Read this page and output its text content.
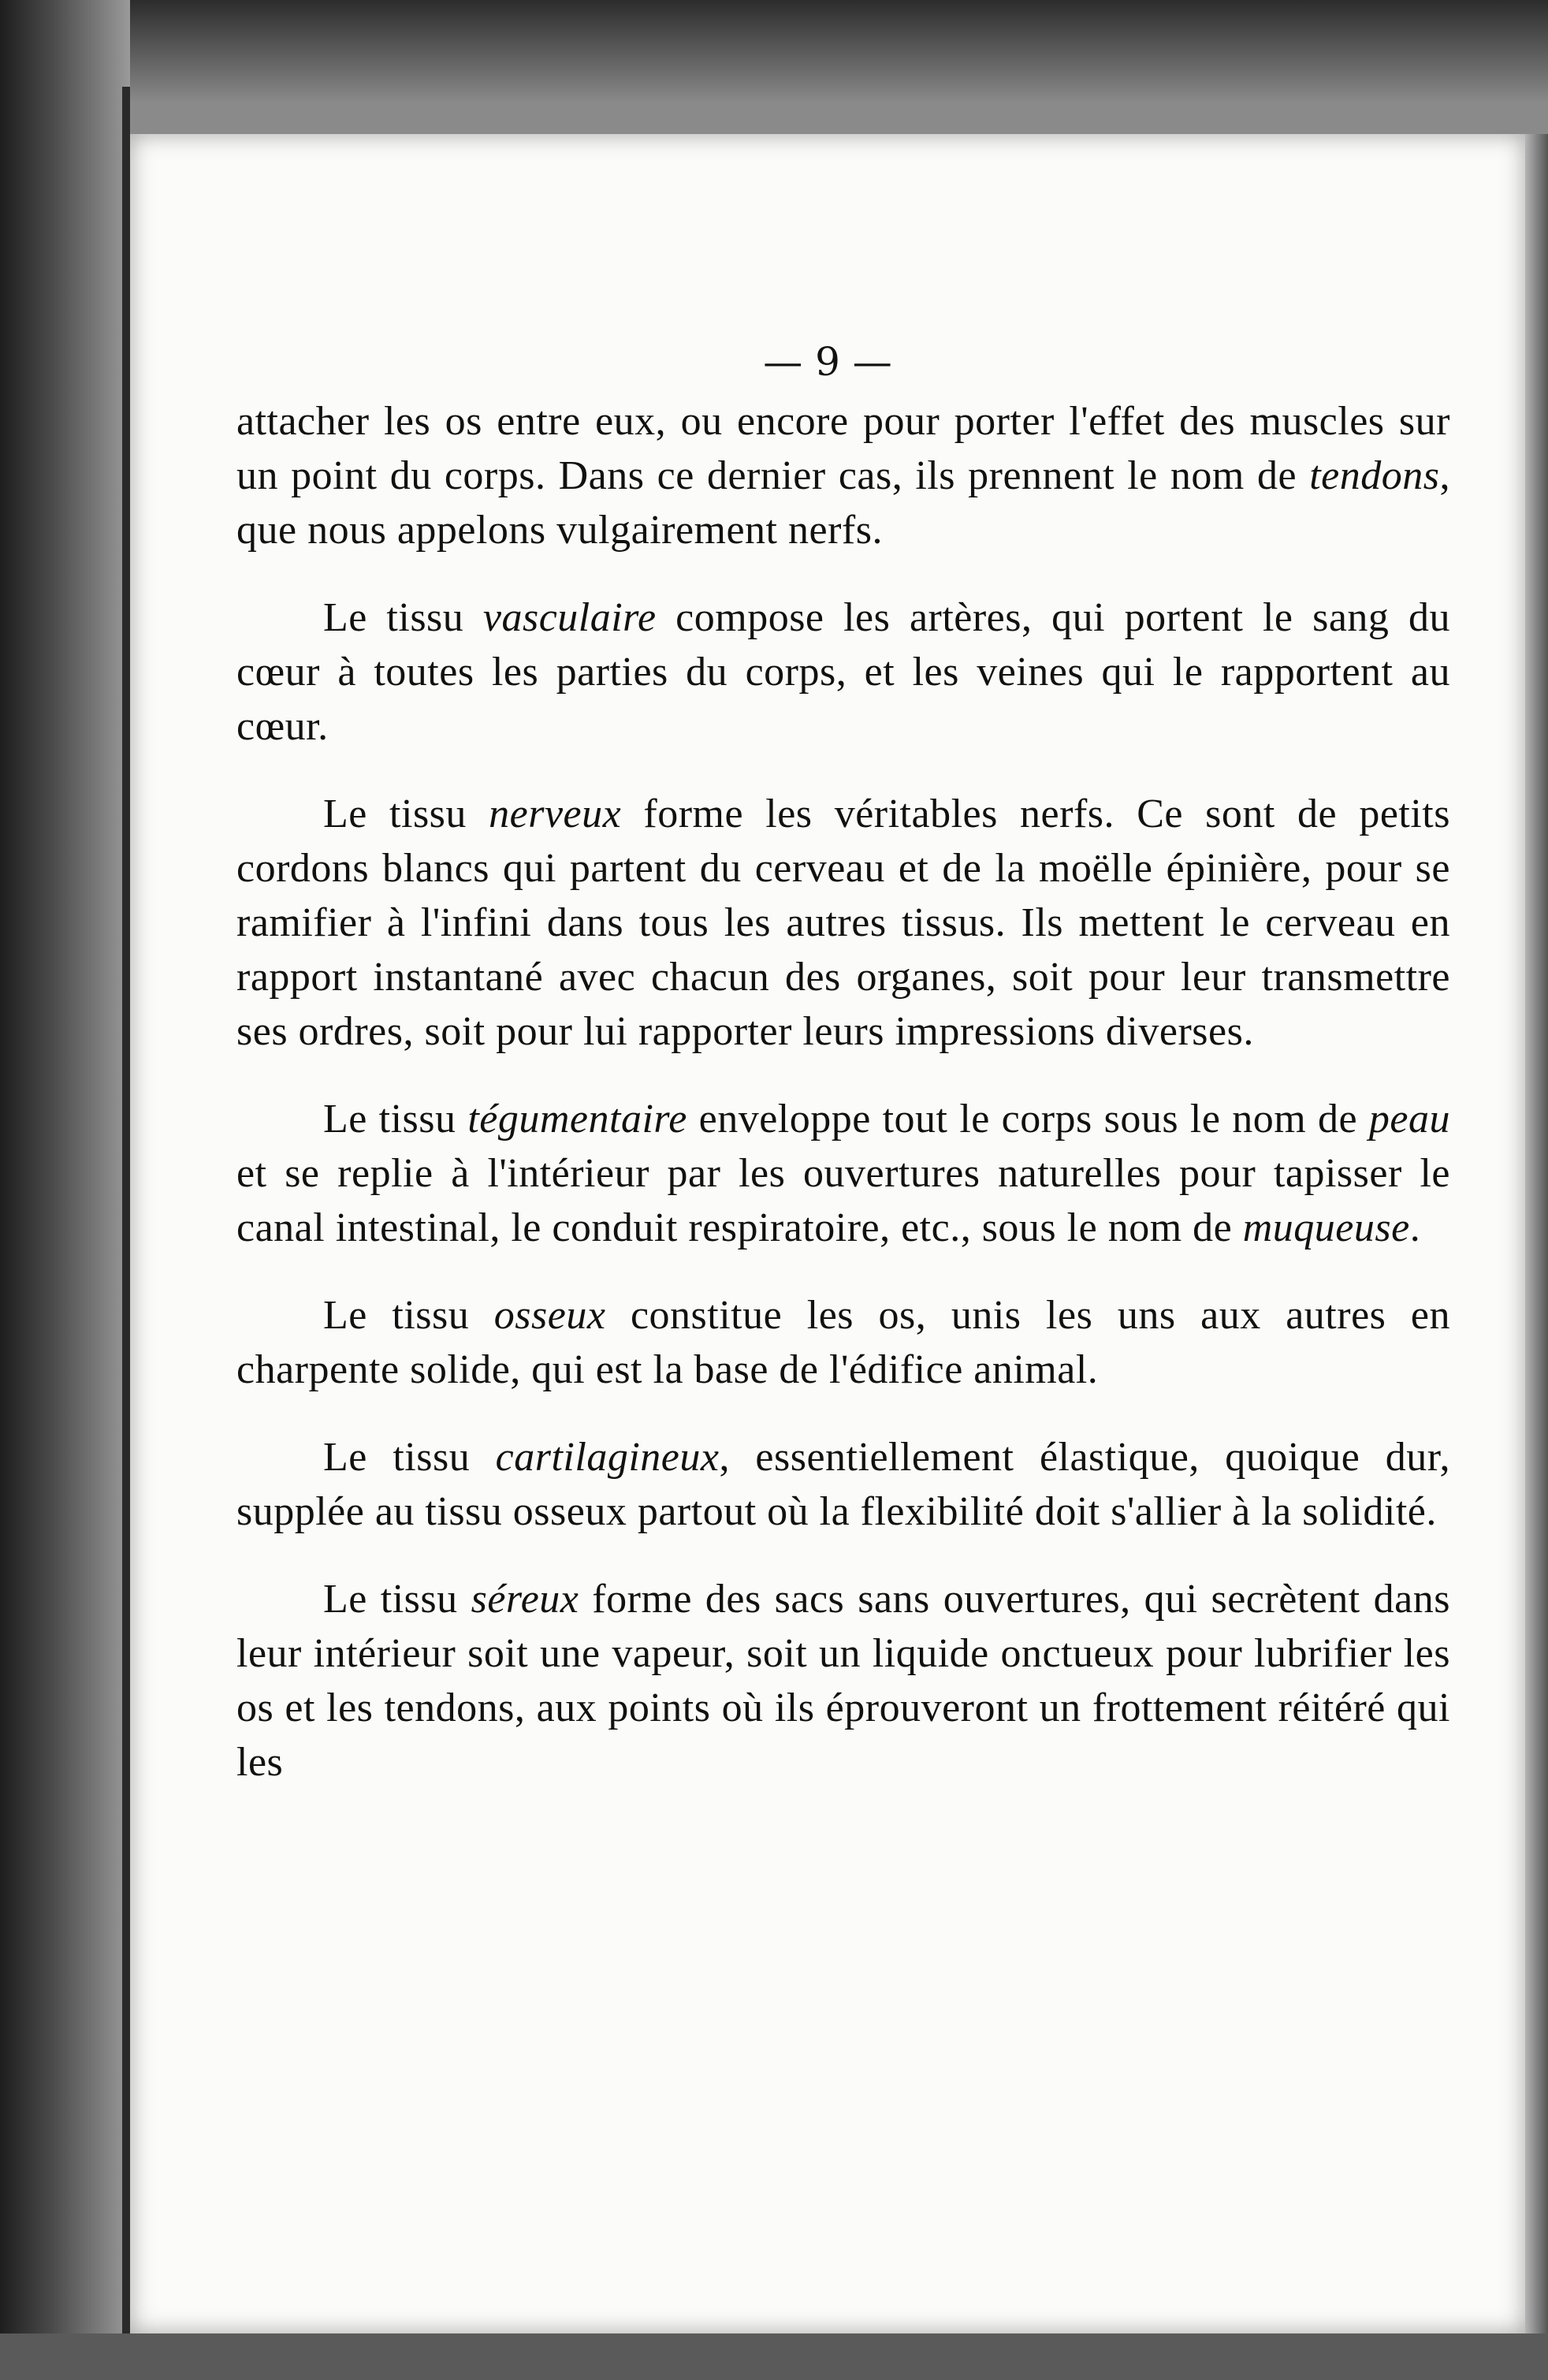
— 9 —

attacher les os entre eux, ou encore pour porter l'effet des muscles sur un point du corps. Dans ce dernier cas, ils prennent le nom de tendons, que nous appelons vulgairement nerfs.

Le tissu vasculaire compose les artères, qui portent le sang du cœur à toutes les parties du corps, et les veines qui le rapportent au cœur.

Le tissu nerveux forme les véritables nerfs. Ce sont de petits cordons blancs qui partent du cerveau et de la moëlle épinière, pour se ramifier à l'infini dans tous les autres tissus. Ils mettent le cerveau en rapport instantané avec chacun des organes, soit pour leur transmettre ses ordres, soit pour lui rapporter leurs impressions diverses.

Le tissu tégumentaire enveloppe tout le corps sous le nom de peau et se replie à l'intérieur par les ouvertures naturelles pour tapisser le canal intestinal, le conduit respiratoire, etc., sous le nom de muqueuse.

Le tissu osseux constitue les os, unis les uns aux autres en charpente solide, qui est la base de l'édifice animal.

Le tissu cartilagineux, essentiellement élastique, quoique dur, supplée au tissu osseux partout où la flexibilité doit s'allier à la solidité.

Le tissu séreux forme des sacs sans ouvertures, qui secrètent dans leur intérieur soit une vapeur, soit un liquide onctueux pour lubrifier les os et les tendons, aux points où ils éprouveront un frottement réitéré qui les
